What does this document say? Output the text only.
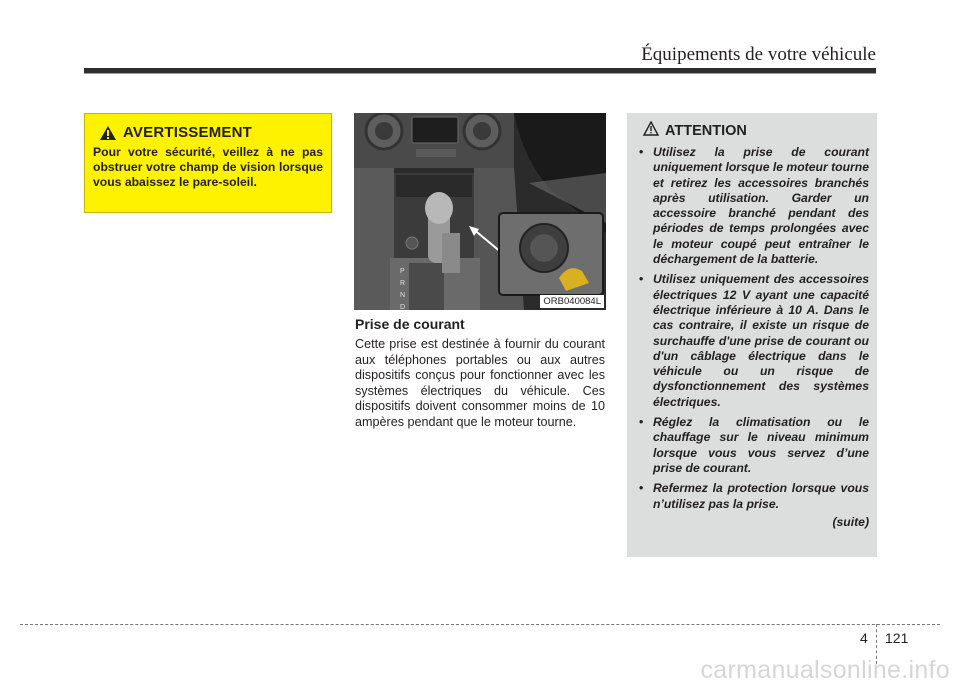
Équipements de votre véhicule
AVERTISSEMENT
Pour votre sécurité, veillez à ne pas obstruer votre champ de vision lorsque vous abaissez le pare-soleil.
P
R
N
D
ORB040084L
Prise de courant
Cette prise est destinée à fournir du courant aux téléphones portables ou aux autres dispositifs conçus pour fonctionner avec les systèmes électriques du véhicule. Ces dispositifs doivent consommer moins de 10 ampères pendant que le moteur tourne.
ATTENTION
• Utilisez la prise de courant uniquement lorsque le moteur tourne et retirez les accessoires branchés après utilisation. Garder un accessoire branché pendant des périodes de temps prolongées avec le moteur coupé peut entraîner le déchargement de la batterie.
• Utilisez uniquement des accessoires électriques 12 V ayant une capacité électrique inférieure à 10 A. Dans le cas contraire, il existe un risque de surchauffe d'une prise de courant ou d'un câblage électrique dans le véhicule ou un risque de dysfonctionnement des systèmes électriques.
• Réglez la climatisation ou le chauffage sur le niveau minimum lorsque vous vous servez d’une prise de courant.
• Refermez la protection lorsque vous n’utilisez pas la prise.
(suite)
4 121
carmanualsonline.info
